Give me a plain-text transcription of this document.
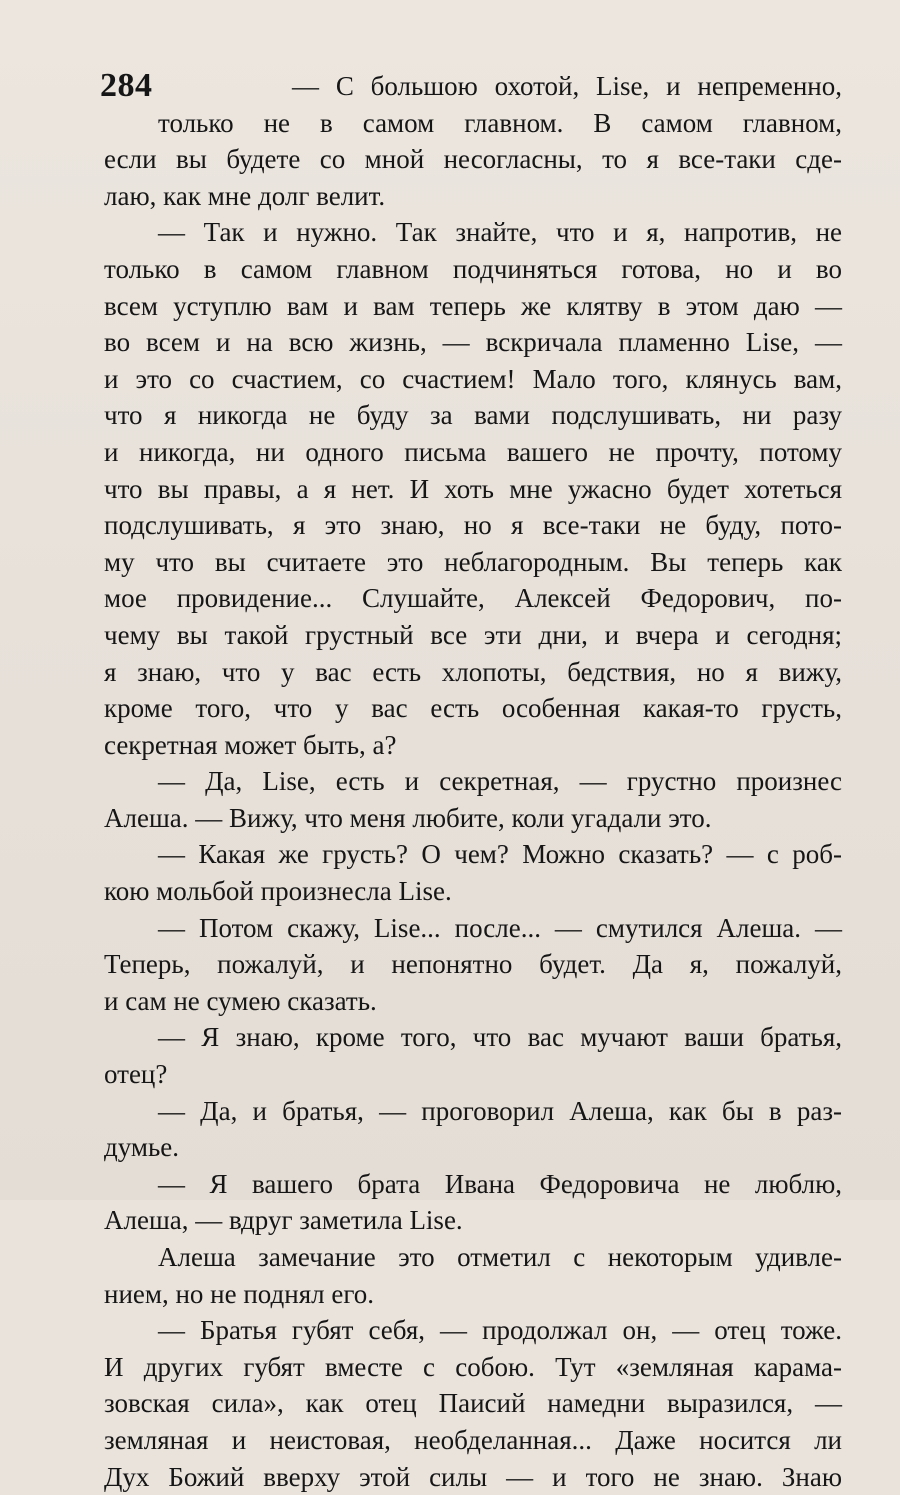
284	— С большою охотой, Lise, и непременно,
только не в самом главном. В самом главном,
если вы будете со мной несогласны, то я все-таки сде-
лаю, как мне долг велит.
— Так и нужно. Так знайте, что и я, напротив, не
только в самом главном подчиняться готова, но и во
всем уступлю вам и вам теперь же клятву в этом даю —
во всем и на всю жизнь, — вскричала пламенно Lise, —
и это со счастием, со счастием! Мало того, клянусь вам,
что я никогда не буду за вами подслушивать, ни разу
и никогда, ни одного письма вашего не прочту, потому
что вы правы, а я нет. И хоть мне ужасно будет хотеться
подслушивать, я это знаю, но я все-таки не буду, пото-
му что вы считаете это неблагородным. Вы теперь как
мое провидение... Слушайте, Алексей Федорович, по-
чему вы такой грустный все эти дни, и вчера и сегодня;
я знаю, что у вас есть хлопоты, бедствия, но я вижу,
кроме того, что у вас есть особенная какая-то грусть,
секретная может быть, а?
— Да, Lise, есть и секретная, — грустно произнес
Алеша. — Вижу, что меня любите, коли угадали это.
— Какая же грусть? О чем? Можно сказать? — с роб-
кою мольбой произнесла Lise.
— Потом скажу, Lise... после... — смутился Алеша. —
Теперь, пожалуй, и непонятно будет. Да я, пожалуй,
и сам не сумею сказать.
— Я знаю, кроме того, что вас мучают ваши братья,
отец?
— Да, и братья, — проговорил Алеша, как бы в раз-
думье.
— Я вашего брата Ивана Федоровича не люблю,
Алеша, — вдруг заметила Lise.
Алеша замечание это отметил с некоторым удивле-
нием, но не поднял его.
— Братья губят себя, — продолжал он, — отец тоже.
И других губят вместе с собою. Тут «земляная карама-
зовская сила», как отец Паисий намедни выразился, —
земляная и неистовая, необделанная... Даже носится ли
Дух Божий вверху этой силы — и того не знаю. Знаю
